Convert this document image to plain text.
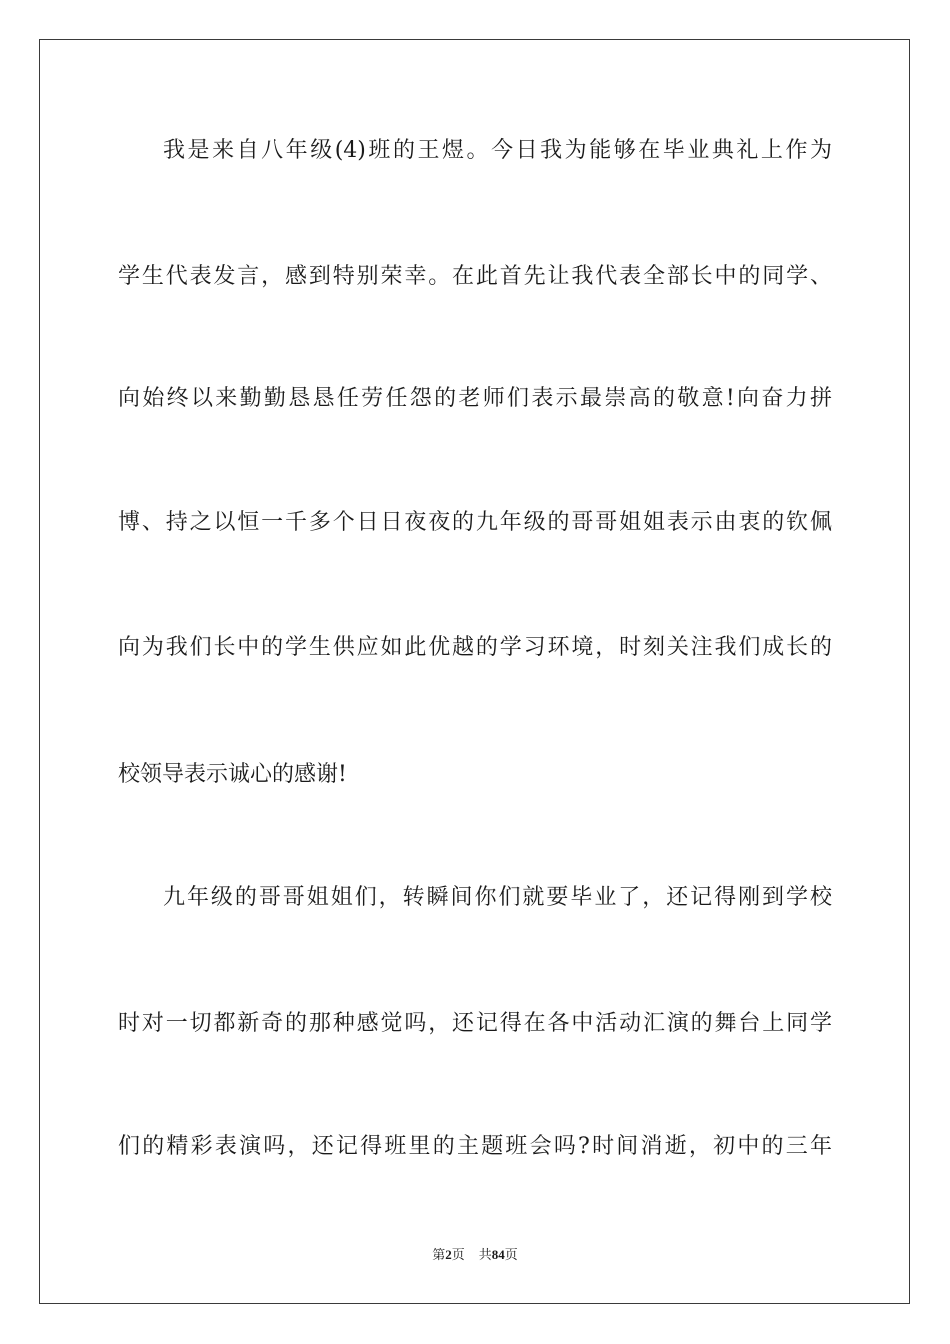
我是来自八年级(4)班的王煜。今日我为能够在毕业典礼上作为

学生代表发言，感到特别荣幸。在此首先让我代表全部长中的同学、

向始终以来勤勤恳恳任劳任怨的老师们表示最崇高的敬意!向奋力拼

博、持之以恒一千多个日日夜夜的九年级的哥哥姐姐表示由衷的钦佩

向为我们长中的学生供应如此优越的学习环境，时刻关注我们成长的

校领导表示诚心的感谢!

九年级的哥哥姐姐们，转瞬间你们就要毕业了，还记得刚到学校

时对一切都新奇的那种感觉吗，还记得在各中活动汇演的舞台上同学

们的精彩表演吗，还记得班里的主题班会吗?时间消逝，初中的三年

第2页 共84页
